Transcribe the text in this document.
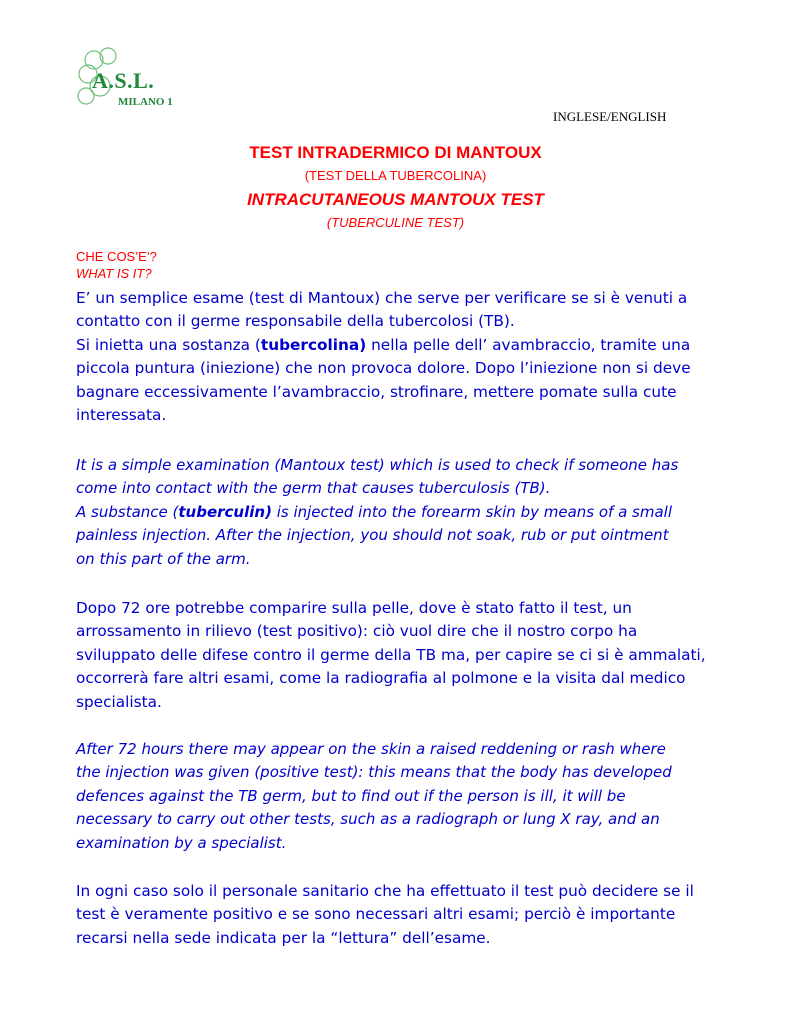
A.S.L.
MILANO 1
INGLESE/ENGLISH
TEST INTRADERMICO DI MANTOUX
(TEST DELLA TUBERCOLINA)
INTRACUTANEOUS MANTOUX TEST
(TUBERCULINE TEST)
CHE COS’E’?
WHAT IS IT?
E’ un semplice esame (test di Mantoux) che serve per verificare se si è venuti a
contatto con il germe responsabile della tubercolosi (TB).
Si inietta una sostanza (tubercolina) nella pelle dell’ avambraccio, tramite una
piccola puntura (iniezione) che non provoca dolore. Dopo l’iniezione non si deve
bagnare eccessivamente l’avambraccio, strofinare, mettere pomate sulla cute
interessata.
It is a simple examination (Mantoux test) which is used to check if someone has
come into contact with the germ that causes tuberculosis (TB).
A substance (tuberculin) is injected into the forearm skin by means of a small
painless injection. After the injection, you should not soak, rub or put ointment
on this part of the arm.
Dopo 72 ore potrebbe comparire sulla pelle, dove è stato fatto il test, un
arrossamento in rilievo (test positivo): ciò vuol dire che il nostro corpo ha
sviluppato delle difese contro il germe della TB ma, per capire se ci si è ammalati,
occorrerà fare altri esami, come la radiografia al polmone e la visita dal medico
specialista.
After 72 hours there may appear on the skin a raised reddening or rash where
the injection was given (positive test): this means that the body has developed
defences against the TB germ, but to find out if the person is ill, it will be
necessary to carry out other tests, such as a radiograph or lung X ray, and an
examination by a specialist.
In ogni caso solo il personale sanitario che ha effettuato il test può decidere se il
test è veramente positivo e se sono necessari altri esami; perciò è importante
recarsi nella sede indicata per la “lettura” dell’esame.
